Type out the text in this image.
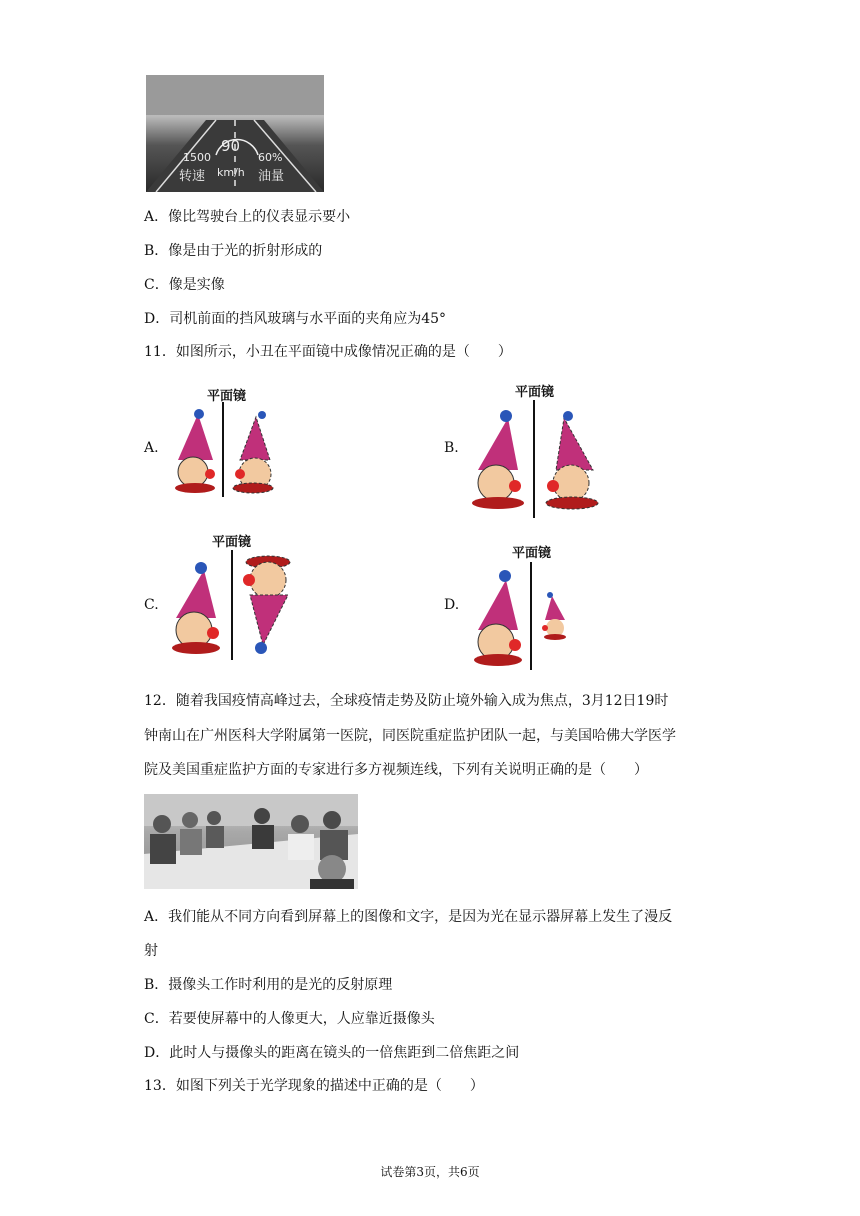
1500
转速
90
km/h
60%
油量
A．像比驾驶台上的仪表显示要小
B．像是由于光的折射形成的
C．像是实像
D．司机前面的挡风玻璃与水平面的夹角应为45°
11．如图所示，小丑在平面镜中成像情况正确的是（　　）
A.
平面镜
B.
平面镜
C.
平面镜
D.
平面镜
12．随着我国疫情高峰过去，全球疫情走势及防止境外输入成为焦点，3月12日19时
钟南山在广州医科大学附属第一医院，同医院重症监护团队一起，与美国哈佛大学医学
院及美国重症监护方面的专家进行多方视频连线，下列有关说明正确的是（　　）
A．我们能从不同方向看到屏幕上的图像和文字，是因为光在显示器屏幕上发生了漫反
射
B．摄像头工作时利用的是光的反射原理
C．若要使屏幕中的人像更大，人应靠近摄像头
D．此时人与摄像头的距离在镜头的一倍焦距到二倍焦距之间
13．如图下列关于光学现象的描述中正确的是（　　）
试卷第3页，共6页
